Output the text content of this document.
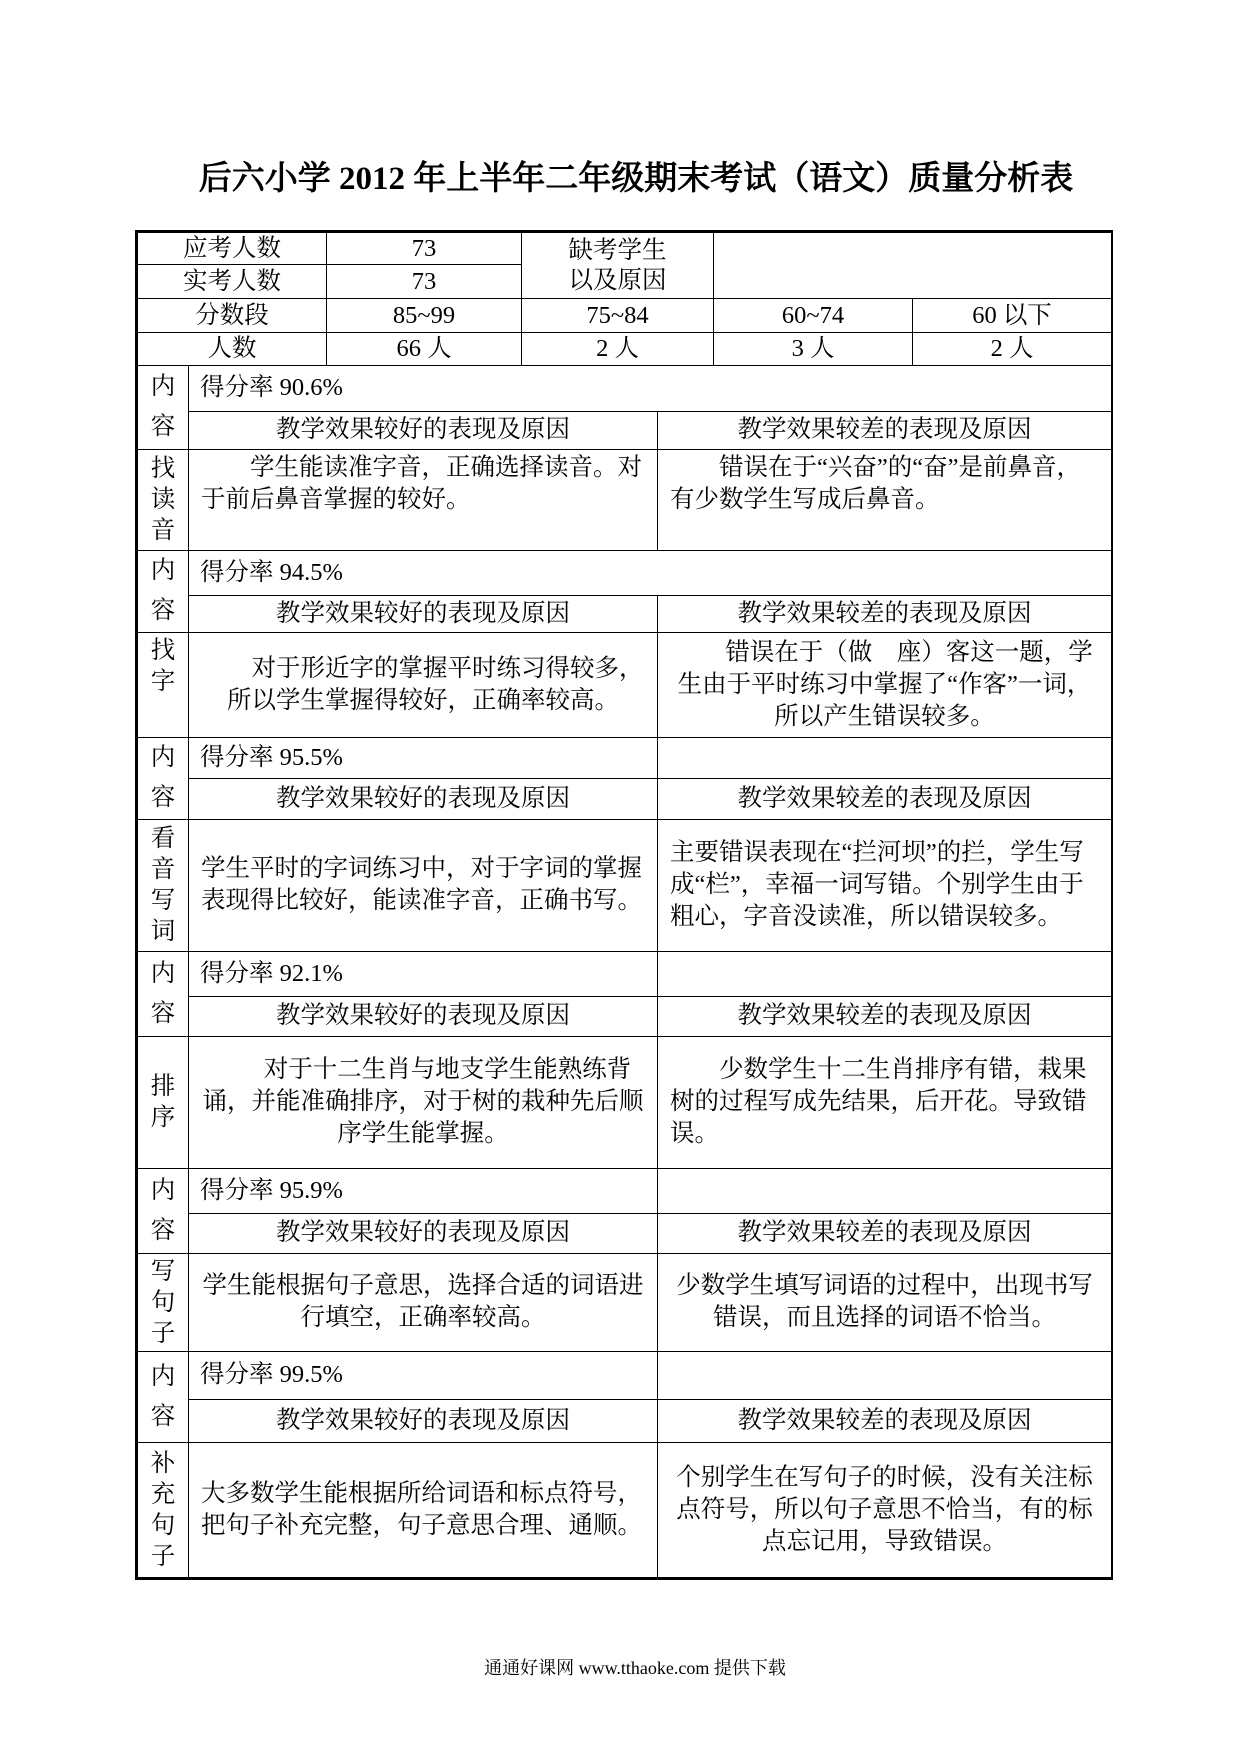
后六小学 2012 年上半年二年级期末考试（语文）质量分析表
应考人数	73	缺考学生
以及原因		

实考人数	73			
分数段	85~99	75~84	60~74	60 以下
人数	66 人	2 人	3 人	2 人
内容	得分率 90.6%	
	教学效果较好的表现及原因	教学效果较差的表现及原因

找读音	学生能读准字音，正确选择读音。对于前后鼻音掌握的较好。	错误在于“兴奋”的“奋”是前鼻音，有少数学生写成后鼻音。

内容	得分率 94.5%	
	教学效果较好的表现及原因	教学效果较差的表现及原因

找字	对于形近字的掌握平时练习得较多，所以学生掌握得较好，正确率较高。	错误在于（做　座）客这一题，学生由于平时练习中掌握了“作客”一词，所以产生错误较多。

内容	得分率 95.5%	
	教学效果较好的表现及原因	教学效果较差的表现及原因

看音写词	学生平时的字词练习中，对于字词的掌握表现得比较好，能读准字音，正确书写。	主要错误表现在“拦河坝”的拦，学生写成“栏”，幸福一词写错。个别学生由于粗心，字音没读准，所以错误较多。

内容	得分率 92.1%	
	教学效果较好的表现及原因	教学效果较差的表现及原因

排序	对于十二生肖与地支学生能熟练背诵，并能准确排序，对于树的栽种先后顺序学生能掌握。	少数学生十二生肖排序有错，栽果树的过程写成先结果，后开花。导致错误。

内容	得分率 95.9%	
	教学效果较好的表现及原因	教学效果较差的表现及原因

写句子	学生能根据句子意思，选择合适的词语进行填空，正确率较高。	少数学生填写词语的过程中，出现书写错误，而且选择的词语不恰当。

内容	得分率 99.5%	
	教学效果较好的表现及原因	教学效果较差的表现及原因

补充句子	大多数学生能根据所给词语和标点符号，把句子补充完整，句子意思合理、通顺。	个别学生在写句子的时候，没有关注标点符号，所以句子意思不恰当，有的标点忘记用，导致错误。
通通好课网 www.tthaoke.com 提供下载
